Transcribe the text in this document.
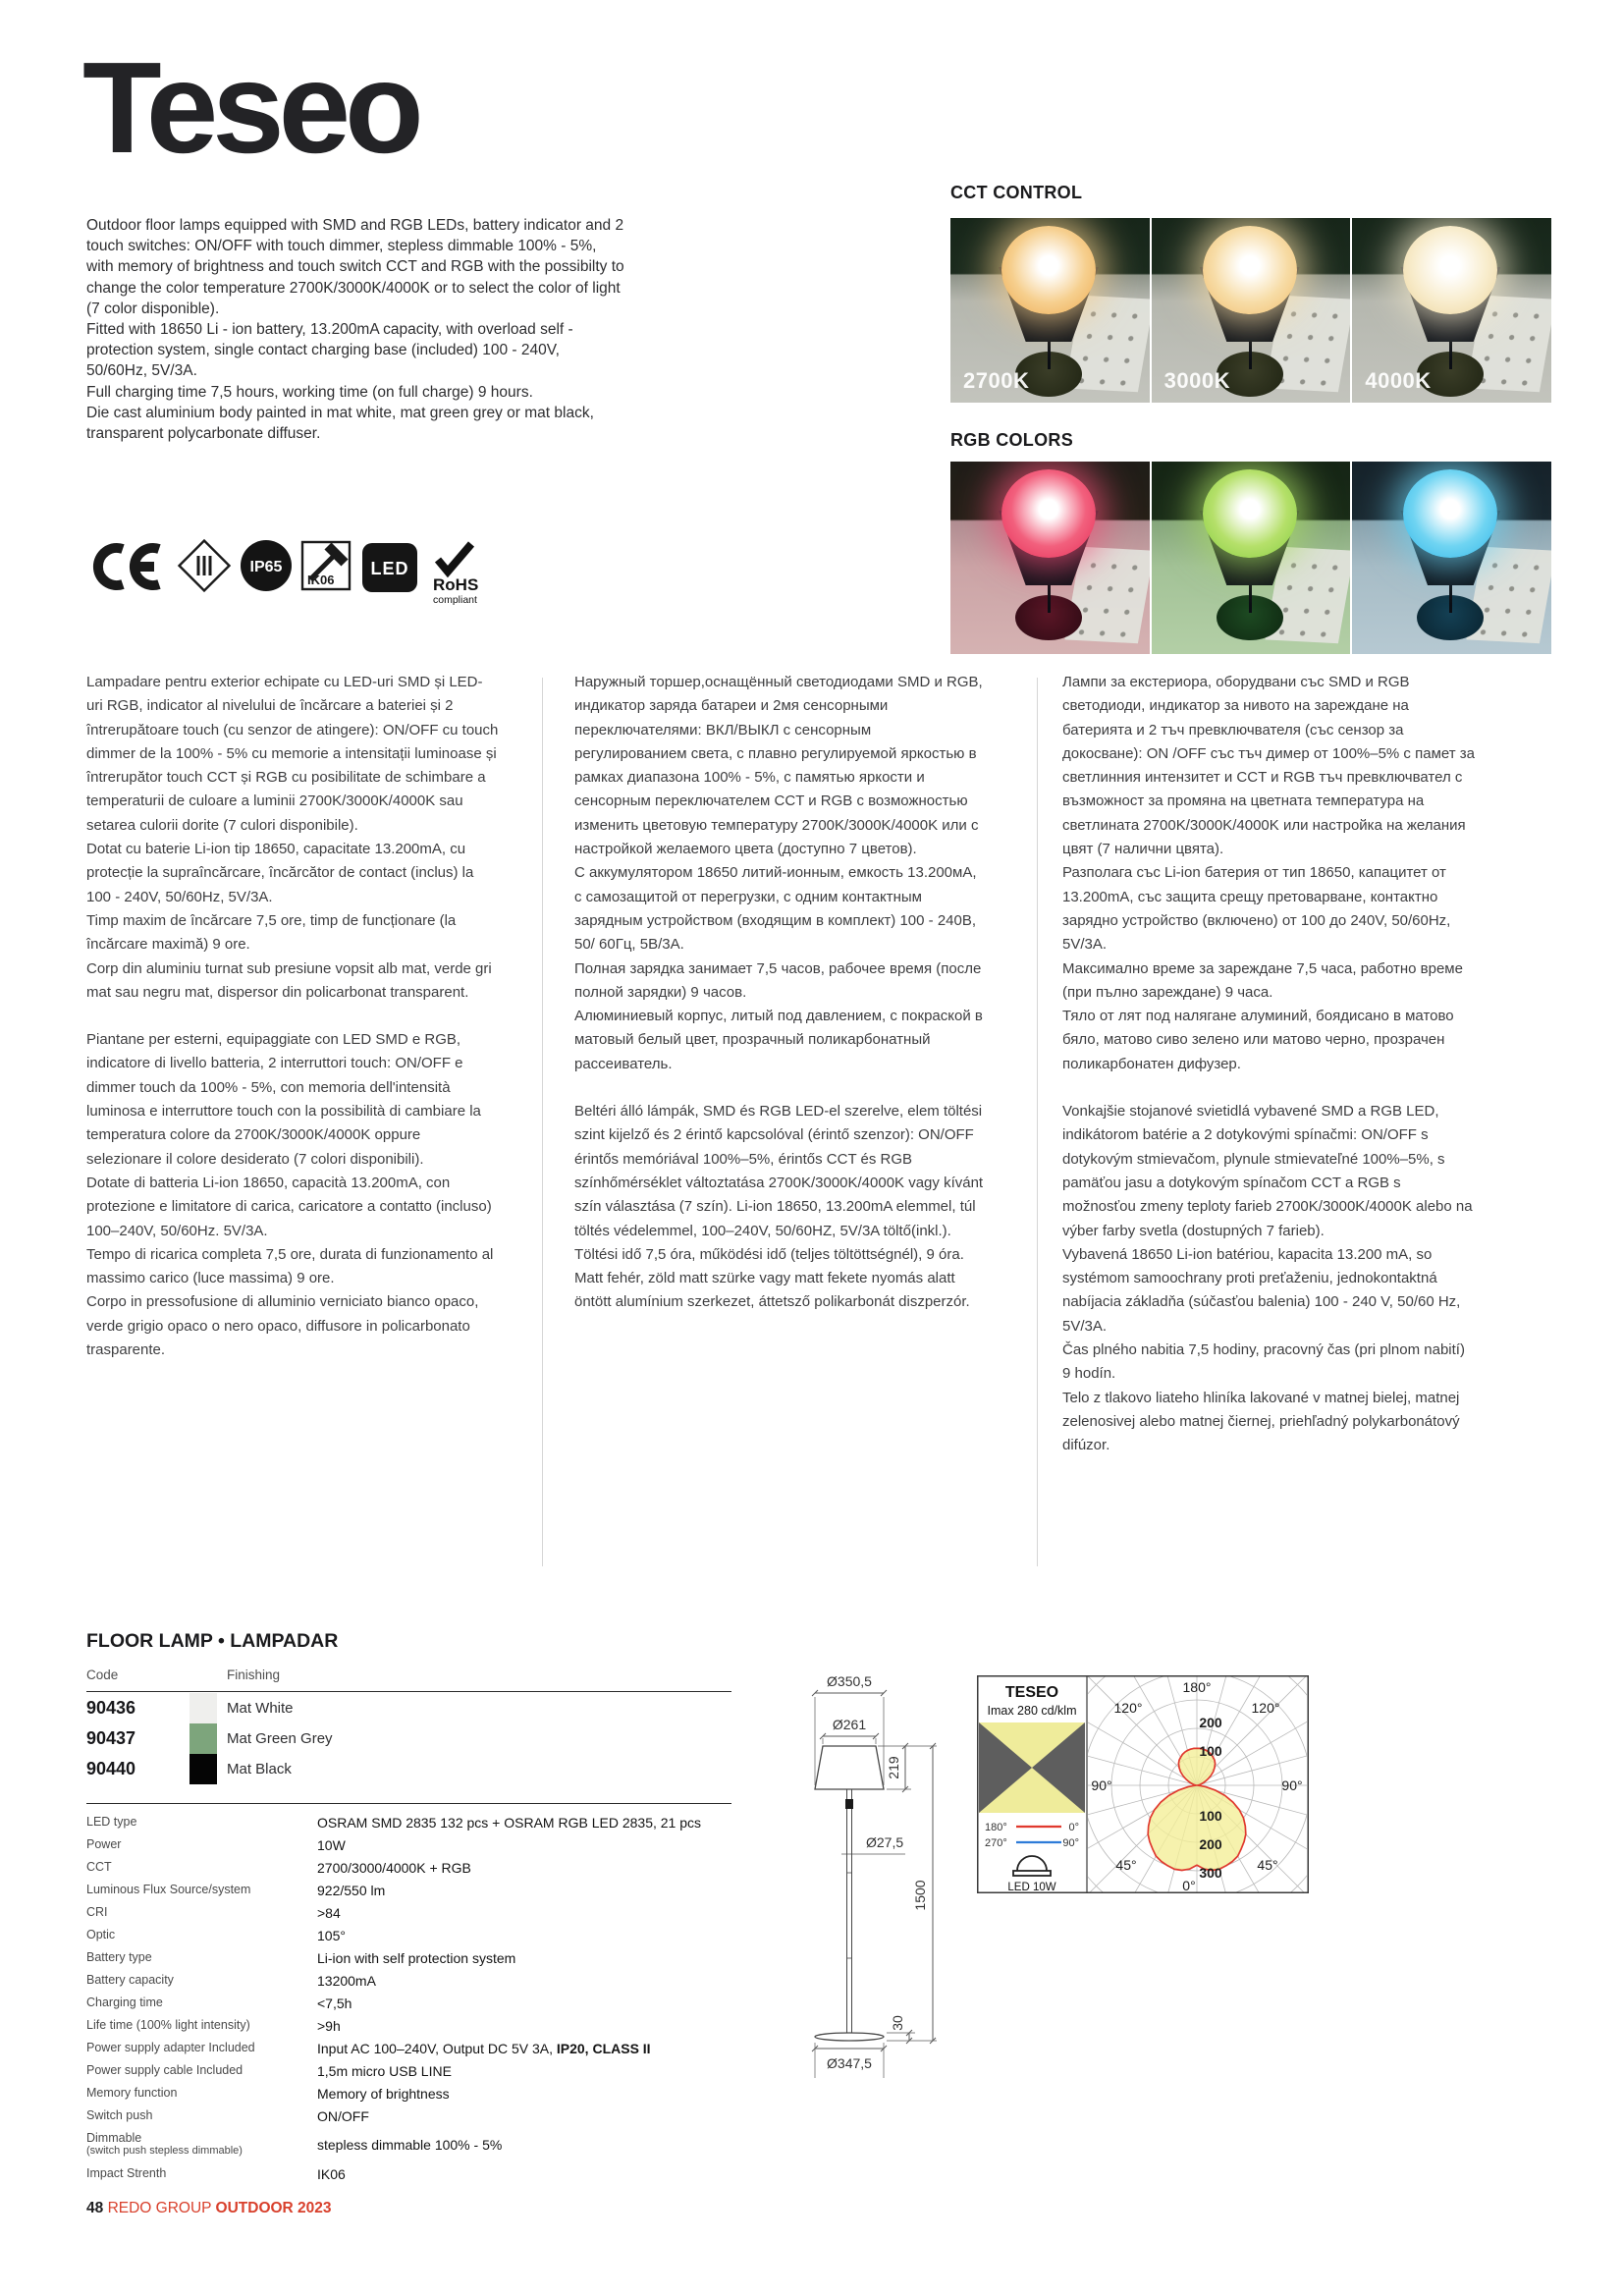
Teseo

Outdoor floor lamps equipped with SMD and RGB LEDs, battery indicator and 2 touch switches: ON/OFF with touch dimmer, stepless dimmable 100% - 5%, with memory of brightness and touch switch CCT and RGB with the possibilty to change the color temperature 2700K/3000K/4000K or to select the color of light (7 color disponible).

Fitted with 18650 Li - ion battery, 13.200mA capacity, with overload self - protection system, single contact charging base (included) 100 - 240V, 50/60Hz, 5V/3A.

Full charging time 7,5 hours, working time (on full charge) 9 hours.

Die cast aluminium body painted in mat white, mat green grey or mat black, transparent polycarbonate diffuser.

IP65
IK06
LED
RoHS
compliant
CCT CONTROL
2700K	3000K	4000K
RGB COLORS

Lampadare pentru exterior echipate cu LED-uri SMD și LED-uri RGB, indicator al nivelului de încărcare a bateriei și 2 întrerupătoare touch (cu senzor de atingere): ON/OFF cu touch dimmer de la 100% - 5% cu memorie a intensitații luminoase și întrerupător touch CCT și RGB cu posibilitate de schimbare a temperaturii de culoare a luminii 2700K/3000K/4000K sau setarea culorii dorite (7 culori disponibile).

Dotat cu baterie Li-ion tip 18650, capacitate 13.200mA, cu protecție la supraîncărcare, încărcător de contact (inclus) la 100 - 240V, 50/60Hz, 5V/3A.

Timp maxim de încărcare 7,5 ore, timp de funcționare (la încărcare maximă) 9 ore.

Corp din aluminiu turnat sub presiune vopsit alb mat, verde gri mat sau negru mat, dispersor din policarbonat transparent.

Piantane per esterni, equipaggiate con LED SMD e RGB, indicatore di livello batteria, 2 interruttori touch: ON/OFF e dimmer touch da 100% - 5%, con memoria dell'intensità luminosa e interruttore touch con la possibilità di cambiare la temperatura colore da 2700K/3000K/4000K oppure selezionare il colore desiderato (7 colori disponibili).

Dotate di batteria Li-ion 18650, capacità 13.200mA, con protezione e limitatore di carica, caricatore a contatto (incluso) 100–240V, 50/60Hz. 5V/3A.

Tempo di ricarica completa 7,5 ore, durata di funzionamento al massimo carico (luce massima) 9 ore.

Corpo in pressofusione di alluminio verniciato bianco opaco, verde grigio opaco o nero opaco, diffusore in policarbonato trasparente.

Наружный торшер,оснащённый светодиодами SMD и RGB, индикатор заряда батареи и 2мя сенсорными переключателями: ВКЛ/ВЫКЛ с сенсорным регулированием света, с плавно регулируемой яркостью в рамках диапазона 100% - 5%, с памятью яркости и сенсорным переключателем CCT и RGB с возможностью изменить цветовую температуру 2700K/3000K/4000K или с настройкой желаемого цвета (доступно 7 цветов).

С аккумулятором 18650 литий-ионным, емкость 13.200мА, с самозащитой от перегрузки, с одним контактным зарядным устройством (входящим в комплект) 100 - 240В, 50/ 60Гц, 5В/3А.

Полная зарядка занимает 7,5 часов, рабочее время (после полной зарядки) 9 часов.

Алюминиевый корпус, литый под давлением, с покраской в матовый белый цвет, прозрачный поликарбонатный рассеиватель.

Beltéri álló lámpák, SMD és RGB LED-el szerelve, elem töltési szint kijelző és 2 érintő kapcsolóval (érintő szenzor): ON/OFF érintős memóriával 100%–5%, érintős CCT és RGB színhőmérséklet változtatása 2700K/3000K/4000K vagy kívánt szín választása (7 szín). Li-ion 18650, 13.200mA elemmel, túl töltés védelemmel, 100–240V, 50/60HZ, 5V/3A töltő(inkl.).

Töltési idő 7,5 óra, működési idő (teljes töltöttségnél), 9 óra.

Matt fehér, zöld matt szürke vagy matt fekete nyomás alatt öntött alumínium szerkezet, áttetsző polikarbonát diszperzór.

Лампи за екстериора, оборудвани със SMD и RGB светодиоди, индикатор за нивото на зареждане на батерията и 2 тъч превключвателя (със сензор за докосване): ON /OFF със тъч димер от 100%–5% с памет за светлинния интензитет и CCT и RGB тъч превключвател с възможност за промяна на цветната температура на светлината 2700K/3000K/4000K или настройка на желания цвят (7 налични цвята).

Разполага със Li-ion батерия от тип 18650, капацитет от 13.200mA, със защита срещу претоварване, контактно зарядно устройство (включено) от 100 до 240V, 50/60Hz, 5V/3A.

Максимално време за зареждане 7,5 часа, работно време (при пълно зареждане) 9 часа.

Тяло от лят под налягане алуминий, боядисано в матово бяло, матово сиво зелено или матово черно, прозрачен поликарбонатен дифузер.

Vonkajšie stojanové svietidlá vybavené SMD a RGB LED, indikátorom batérie a 2 dotykovými spínačmi: ON/OFF s dotykovým stmievačom, plynule stmievateľné 100%–5%, s pamäťou jasu a dotykovým spínačom CCT a RGB s možnosťou zmeny teploty farieb 2700K/3000K/4000K alebo na výber farby svetla (dostupných 7 farieb).

Vybavená 18650 Li-ion batériou, kapacita 13.200 mA, so systémom samoochrany proti preťaženiu, jednokontaktná nabíjacia základňa (súčasťou balenia) 100 - 240 V, 50/60 Hz, 5V/3A.

Čas plného nabitia 7,5 hodiny, pracovný čas (pri plnom nabití) 9 hodín.

Telo z tlakovo liateho hliníka lakované v matnej bielej, matnej zelenosivej alebo matnej čiernej, priehľadný polykarbonátový difúzor.

FLOOR LAMP • LAMPADAR
Code	Finishing
90436	Mat White
90437	Mat Green Grey
90440	Mat Black
LED type	OSRAM SMD 2835 132 pcs + OSRAM RGB LED 2835, 21 pcs
Power	10W
CCT	2700/3000/4000K + RGB
Luminous Flux Source/system	922/550 lm
CRI	>84
Optic	105°
Battery type	Li-ion with self protection system
Battery capacity	13200mA
Charging time	<7,5h
Life time (100% light intensity)	>9h
Power supply adapter Included	Input AC 100–240V, Output DC 5V 3A, IP20, CLASS II
Power supply cable Included	1,5m micro USB LINE
Memory function	Memory of brightness
Switch push	ON/OFF
Dimmable
(switch push stepless dimmable)	stepless dimmable 100% - 5%
Impact Strenth	IK06
Ø350,5
Ø261
219
Ø27,5
1500
30
Ø347,5
180°
120°	120°
90°	90°
45°	45°
0°
200
100
100
200
300
TESEO
Imax 280 cd/klm
180°	0°
270°	90°
LED 10W
48 REDO GROUP OUTDOOR 2023
